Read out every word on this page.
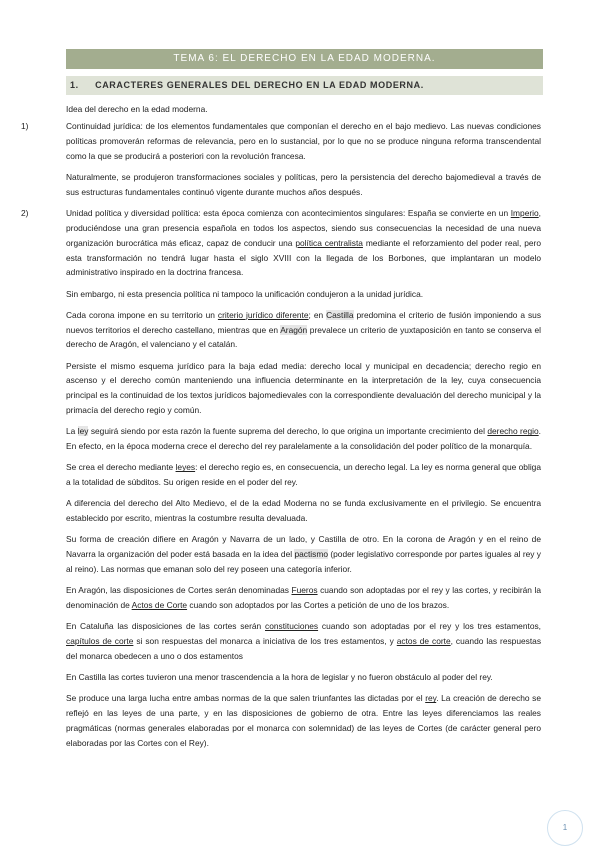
TEMA 6: EL DERECHO EN LA EDAD MODERNA.
1. CARACTERES GENERALES DEL DERECHO EN LA EDAD MODERNA.

Idea del derecho en la edad moderna.

1)	Continuidad jurídica: de los elementos fundamentales que componían el derecho en el bajo medievo. Las nuevas condiciones políticas promoverán reformas de relevancia, pero en lo sustancial, por lo que no se produce ninguna reforma transcendental como la que se producirá a posteriori con la revolución francesa.

Naturalmente, se produjeron transformaciones sociales y políticas, pero la persistencia del derecho bajomedieval a través de sus estructuras fundamentales continuó vigente durante muchos años después.

2)	Unidad política y diversidad política: esta época comienza con acontecimientos singulares: España se convierte en un Imperio, produciéndose una gran presencia española en todos los aspectos, siendo sus consecuencias la necesidad de una nueva organización burocrática más eficaz, capaz de conducir una política centralista mediante el reforzamiento del poder real, pero esta transformación no tendrá lugar hasta el siglo XVIII con la llegada de los Borbones, que implantaran un modelo administrativo inspirado en la doctrina francesa.

Sin embargo, ni esta presencia política ni tampoco la unificación condujeron a la unidad jurídica.

Cada corona impone en su territorio un criterio jurídico diferente; en Castilla predomina el criterio de fusión imponiendo a sus nuevos territorios el derecho castellano, mientras que en Aragón prevalece un criterio de yuxtaposición en tanto se conserva el derecho de Aragón, el valenciano y el catalán.

Persiste el mismo esquema jurídico para la baja edad media: derecho local y municipal en decadencia; derecho regio en ascenso y el derecho común manteniendo una influencia determinante en la interpretación de la ley, cuya consecuencia principal es la continuidad de los textos jurídicos bajomedievales con la correspondiente devaluación del derecho municipal y la primacía del derecho regio y común.

La ley seguirá siendo por esta razón la fuente suprema del derecho, lo que origina un importante crecimiento del derecho regio. En efecto, en la época moderna crece el derecho del rey paralelamente a la consolidación del poder político de la monarquía.

Se crea el derecho mediante leyes: el derecho regio es, en consecuencia, un derecho legal. La ley es norma general que obliga a la totalidad de súbditos. Su origen reside en el poder del rey.

A diferencia del derecho del Alto Medievo, el de la edad Moderna no se funda exclusivamente en el privilegio. Se encuentra establecido por escrito, mientras la costumbre resulta devaluada.

Su forma de creación difiere en Aragón y Navarra de un lado, y Castilla de otro. En la corona de Aragón y en el reino de Navarra la organización del poder está basada en la idea del pactismo (poder legislativo corresponde por partes iguales al rey y al reino). Las normas que emanan solo del rey poseen una categoría inferior.

En Aragón, las disposiciones de Cortes serán denominadas Fueros cuando son adoptadas por el rey y las cortes, y recibirán la denominación de Actos de Corte cuando son adoptados por las Cortes a petición de uno de los brazos.

En Cataluña las disposiciones de las cortes serán constituciones cuando son adoptadas por el rey y los tres estamentos, capítulos de corte si son respuestas del monarca a iniciativa de los tres estamentos, y actos de corte, cuando las respuestas del monarca obedecen a uno o dos estamentos

En Castilla las cortes tuvieron una menor trascendencia a la hora de legislar y no fueron obstáculo al poder del rey.

Se produce una larga lucha entre ambas normas de la que salen triunfantes las dictadas por el rey. La creación de derecho se reflejó en las leyes de una parte, y en las disposiciones de gobierno de otra. Entre las leyes diferenciamos las reales pragmáticas (normas generales elaboradas por el monarca con solemnidad) de las leyes de Cortes (de carácter general pero elaboradas por las Cortes con el Rey).

1
